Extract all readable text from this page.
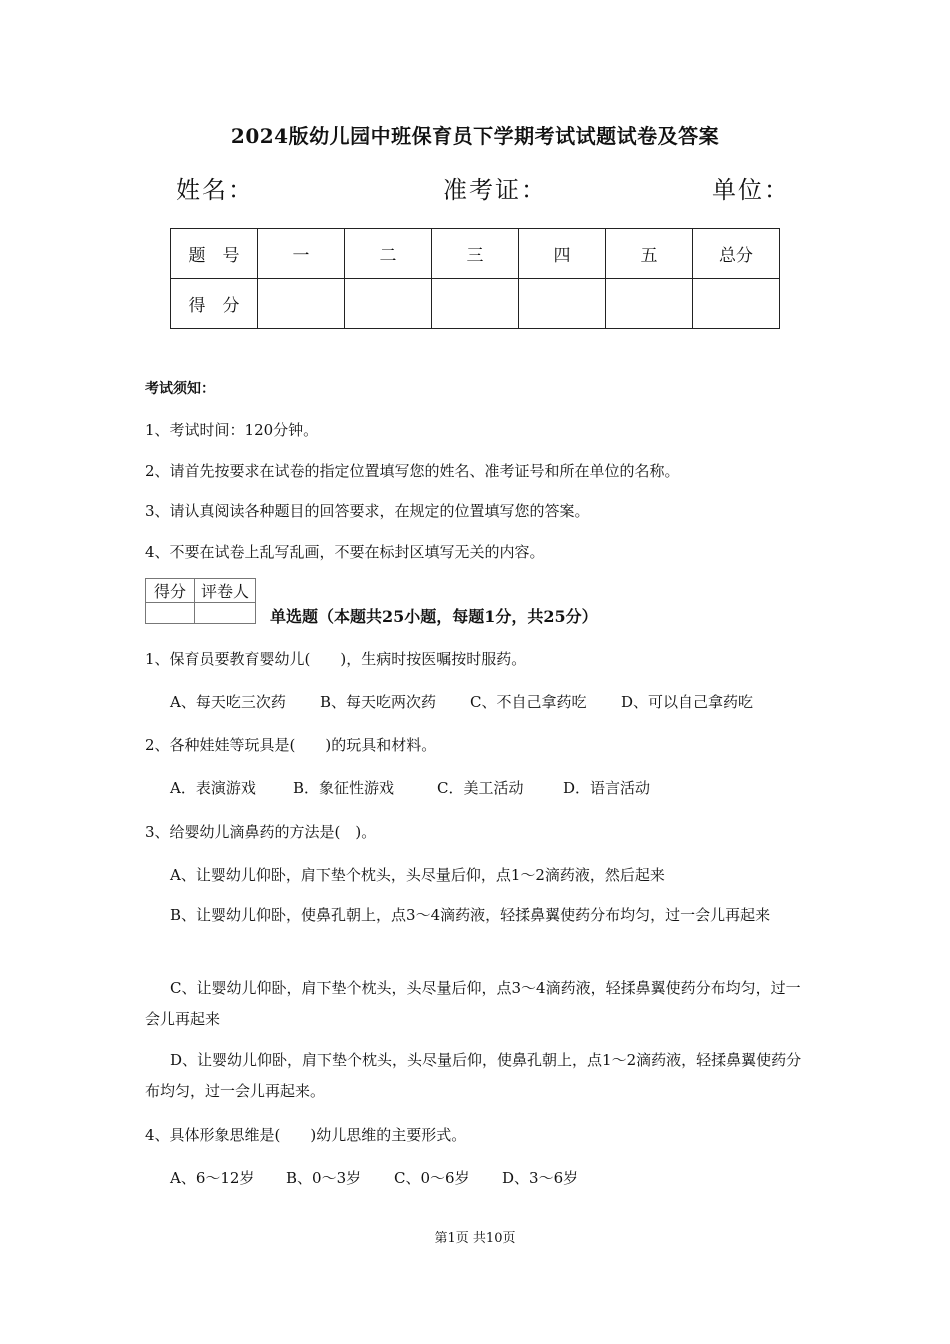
2024版幼儿园中班保育员下学期考试试题试卷及答案
姓名：	准考证：	单位：
题　号	一	二	三	四	五	总分
得　分						
考试须知：
1、考试时间：120分钟。
2、请首先按要求在试卷的指定位置填写您的姓名、准考证号和所在单位的名称。
3、请认真阅读各种题目的回答要求，在规定的位置填写您的答案。
4、不要在试卷上乱写乱画，不要在标封区填写无关的内容。
得分	评卷人

单选题（本题共25小题，每题1分，共25分）
1、保育员要教育婴幼儿(　　)，生病时按医嘱按时服药。
A、每天吃三次药 B、每天吃两次药 C、不自己拿药吃 D、可以自己拿药吃
2、各种娃娃等玩具是(　　)的玩具和材料。
A．表演游戏 B．象征性游戏	C．美工活动	D．语言活动
3、给婴幼儿滴鼻药的方法是(　)。
A、让婴幼儿仰卧，肩下垫个枕头，头尽量后仰，点1～2滴药液，然后起来
B、让婴幼儿仰卧，使鼻孔朝上，点3～4滴药液，轻揉鼻翼使药分布均匀，过一会儿再起来
C、让婴幼儿仰卧，肩下垫个枕头，头尽量后仰，点3～4滴药液，轻揉鼻翼使药分布均匀，过一会儿再起来
D、让婴幼儿仰卧，肩下垫个枕头，头尽量后仰，使鼻孔朝上，点1～2滴药液，轻揉鼻翼使药分布均匀，过一会儿再起来。
4、具体形象思维是(　　)幼儿思维的主要形式。
A、6～12岁 B、0～3岁 C、0～6岁 D、3～6岁
第1页 共10页
